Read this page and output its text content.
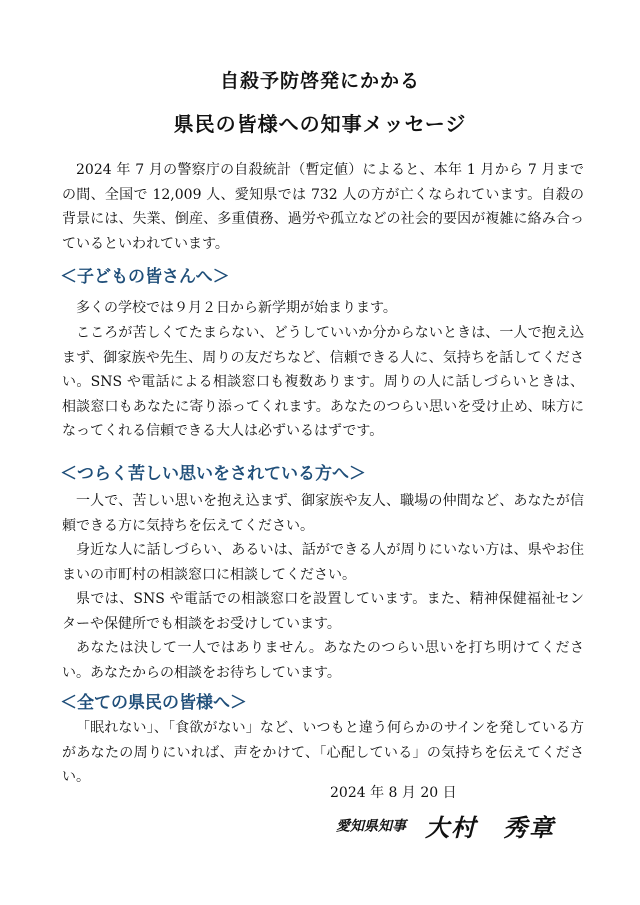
自殺予防啓発にかかる
県民の皆様への知事メッセージ

2024 年 7 月の警察庁の自殺統計（暫定値）によると、本年 1 月から 7 月までの間、全国で 12,009 人、愛知県では 732 人の方が亡くなられています。自殺の背景には、失業、倒産、多重債務、過労や孤立などの社会的要因が複雑に絡み合っているといわれています。

＜子どもの皆さんへ＞

多くの学校では９月２日から新学期が始まります。

こころが苦しくてたまらない、どうしていいか分からないときは、一人で抱え込まず、御家族や先生、周りの友だちなど、信頼できる人に、気持ちを話してください。SNS や電話による相談窓口も複数あります。周りの人に話しづらいときは、相談窓口もあなたに寄り添ってくれます。あなたのつらい思いを受け止め、味方になってくれる信頼できる大人は必ずいるはずです。

＜つらく苦しい思いをされている方へ＞

一人で、苦しい思いを抱え込まず、御家族や友人、職場の仲間など、あなたが信頼できる方に気持ちを伝えてください。

身近な人に話しづらい、あるいは、話ができる人が周りにいない方は、県やお住まいの市町村の相談窓口に相談してください。

県では、SNS や電話での相談窓口を設置しています。また、精神保健福祉センターや保健所でも相談をお受けしています。

あなたは決して一人ではありません。あなたのつらい思いを打ち明けてください。あなたからの相談をお待ちしています。

＜全ての県民の皆様へ＞

「眠れない」、「食欲がない」など、いつもと違う何らかのサインを発している方があなたの周りにいれば、声をかけて、「心配している」の気持ちを伝えてください。

2024 年 8 月 20 日
愛知県知事 大村　秀章
